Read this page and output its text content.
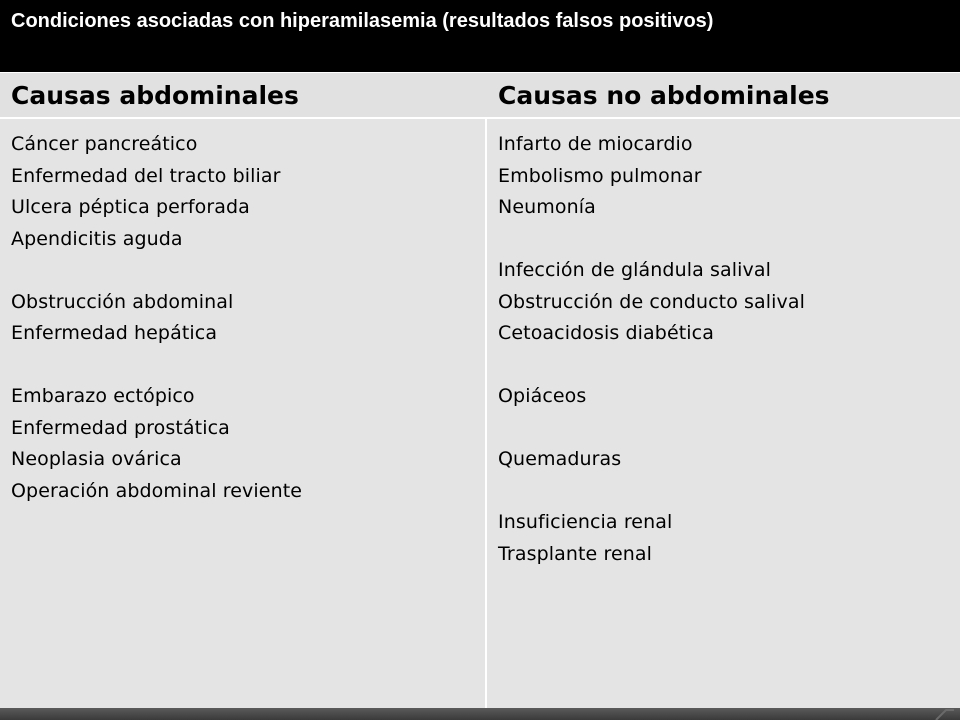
Condiciones asociadas con hiperamilasemia (resultados falsos positivos)

Causas abdominales	Causas no abdominales
Cáncer pancreático
Enfermedad del tracto biliar
Ulcera péptica perforada
Apendicitis aguda
Obstrucción abdominal
Enfermedad hepática
Embarazo ectópico
Enfermedad prostática
Neoplasia ovárica
Operación abdominal reviente
Infarto de miocardio
Embolismo pulmonar
Neumonía
Infección de glándula salival
Obstrucción de conducto salival
Cetoacidosis diabética
Opiáceos
Quemaduras
Insuficiencia renal
Trasplante renal
